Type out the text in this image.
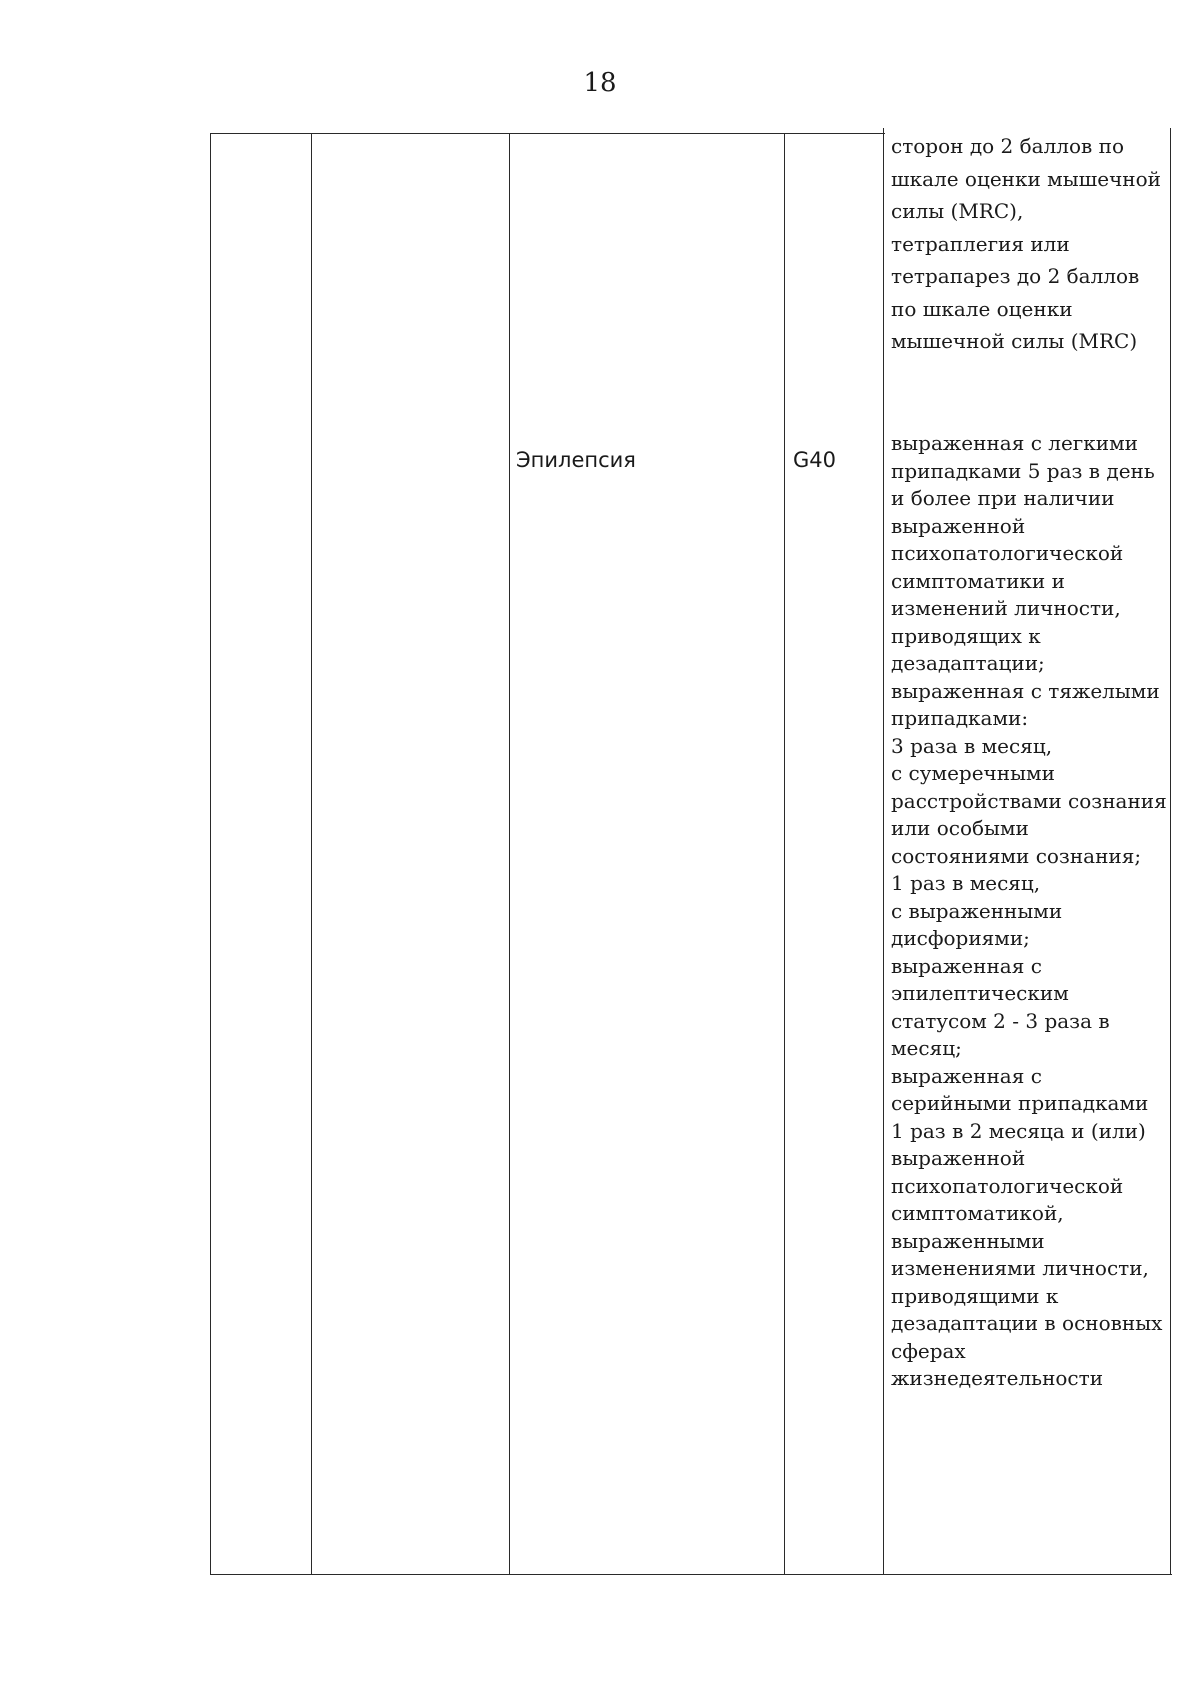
18
сторон до 2 баллов по
шкале оценки мышечной
силы (MRC),
тетраплегия или
тетрапарез до 2 баллов
по шкале оценки
мышечной силы (MRC)
Эпилепсия	G40
выраженная с легкими
припадками 5 раз в день
и более при наличии
выраженной
психопатологической
симптоматики и
изменений личности,
приводящих к
дезадаптации;
выраженная с тяжелыми
припадками:
3 раза в месяц,
с сумеречными
расстройствами сознания
или особыми
состояниями сознания;
1 раз в месяц,
с выраженными
дисфориями;
выраженная с
эпилептическим
статусом 2 - 3 раза в
месяц;
выраженная с
серийными припадками
1 раз в 2 месяца и (или)
выраженной
психопатологической
симптоматикой,
выраженными
изменениями личности,
приводящими к
дезадаптации в основных
сферах
жизнедеятельности
